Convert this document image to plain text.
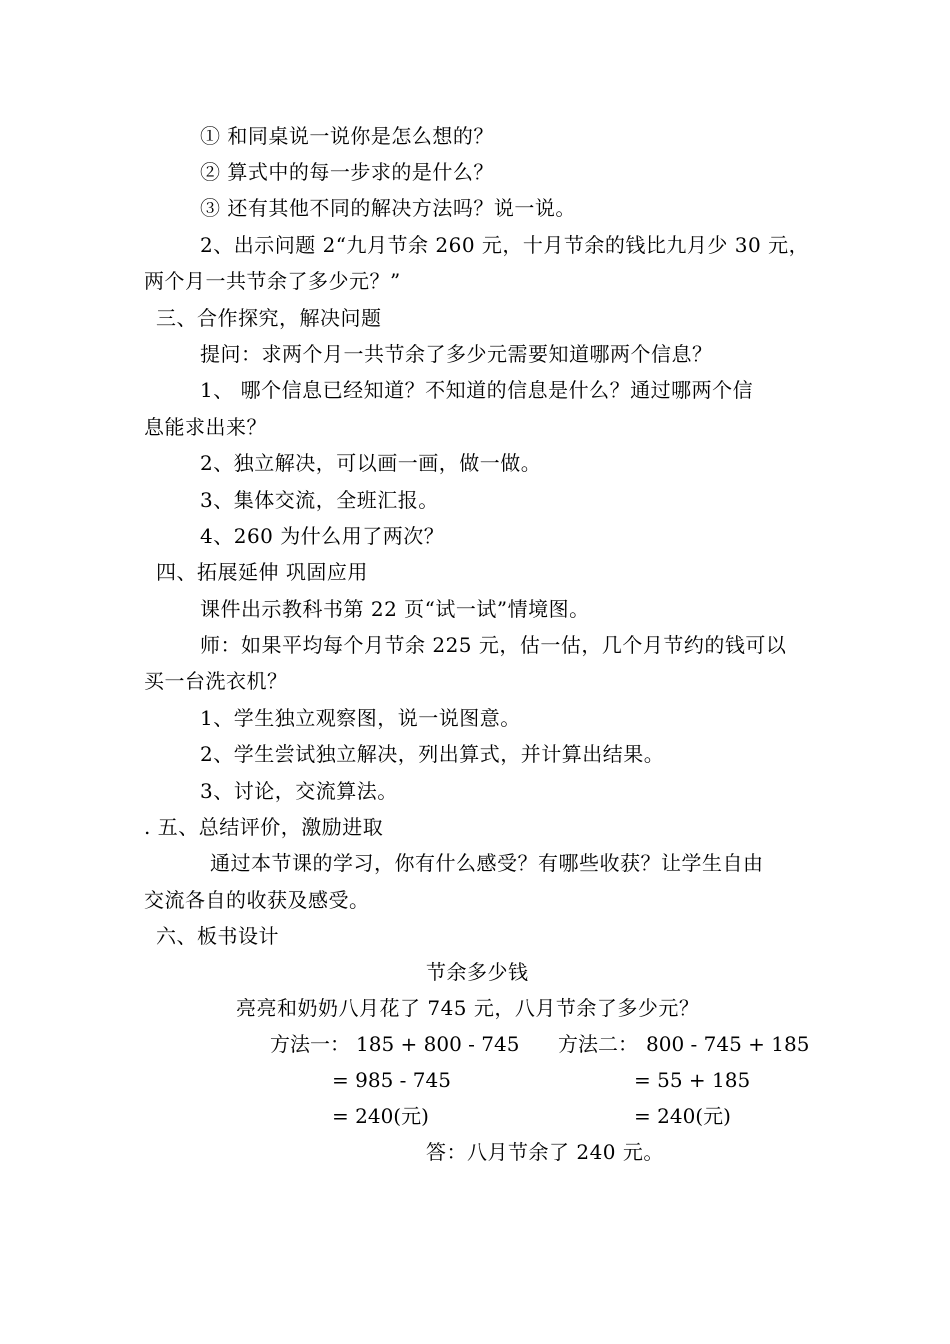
① 和同桌说一说你是怎么想的？
② 算式中的每一步求的是什么？
③ 还有其他不同的解决方法吗？说一说。
2、出示问题 2“九月节余 260 元，十月节余的钱比九月少 30 元，
两个月一共节余了多少元？”
三、合作探究，解决问题
提问：求两个月一共节余了多少元需要知道哪两个信息？
1、 哪个信息已经知道？不知道的信息是什么？通过哪两个信
息能求出来？
2、独立解决，可以画一画，做一做。
3、集体交流，全班汇报。
4、260 为什么用了两次？
四、拓展延伸 巩固应用
课件出示教科书第 22 页“试一试”情境图。
师：如果平均每个月节余 225 元，估一估，几个月节约的钱可以
买一台洗衣机？
1、学生独立观察图，说一说图意。
2、学生尝试独立解决，列出算式，并计算出结果。
3、讨论，交流算法。
. 五、总结评价，激励进取
通过本节课的学习，你有什么感受？有哪些收获？让学生自由
交流各自的收获及感受。
六、板书设计
节余多少钱
亮亮和奶奶八月花了 745 元，八月节余了多少元？
方法一： 185 + 800 - 745
= 985 - 745
= 240(元)
方法二： 800 - 745 + 185
= 55 + 185
= 240(元)
答：八月节余了 240 元。
